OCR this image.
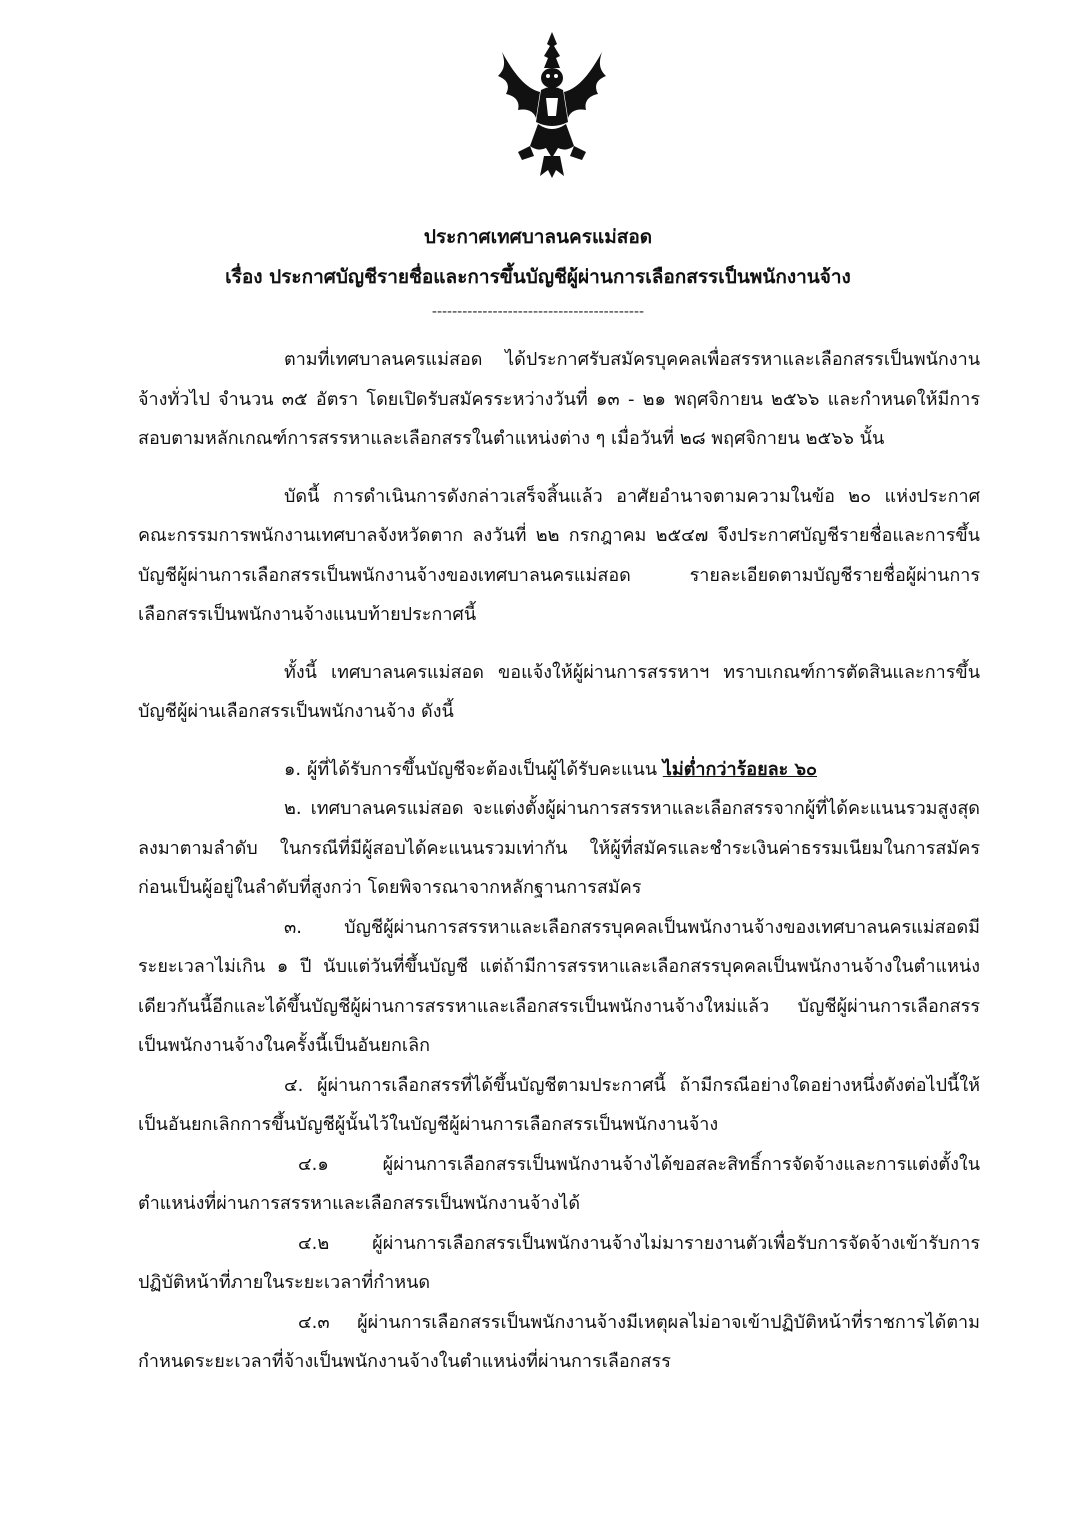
ประกาศเทศบาลนครแม่สอด

เรื่อง ประกาศบัญชีรายชื่อและการขึ้นบัญชีผู้ผ่านการเลือกสรรเป็นพนักงานจ้าง

------------------------------------------

ตามที่เทศบาลนครแม่สอด ได้ประกาศรับสมัครบุคคลเพื่อสรรหาและเลือกสรรเป็นพนักงานจ้างทั่วไป จำนวน ๓๕ อัตรา โดยเปิดรับสมัครระหว่างวันที่ ๑๓ - ๒๑ พฤศจิกายน ๒๕๖๖ และกำหนดให้มีการสอบตามหลักเกณฑ์การสรรหาและเลือกสรรในตำแหน่งต่าง ๆ เมื่อวันที่ ๒๘ พฤศจิกายน ๒๕๖๖ นั้น

บัดนี้ การดำเนินการดังกล่าวเสร็จสิ้นแล้ว อาศัยอำนาจตามความในข้อ ๒๐ แห่งประกาศคณะกรรมการพนักงานเทศบาลจังหวัดตาก ลงวันที่ ๒๒ กรกฎาคม ๒๕๔๗ จึงประกาศบัญชีรายชื่อและการขึ้นบัญชีผู้ผ่านการเลือกสรรเป็นพนักงานจ้างของเทศบาลนครแม่สอด รายละเอียดตามบัญชีรายชื่อผู้ผ่านการเลือกสรรเป็นพนักงานจ้างแนบท้ายประกาศนี้

ทั้งนี้ เทศบาลนครแม่สอด ขอแจ้งให้ผู้ผ่านการสรรหาฯ ทราบเกณฑ์การตัดสินและการขึ้นบัญชีผู้ผ่านเลือกสรรเป็นพนักงานจ้าง ดังนี้

๑. ผู้ที่ได้รับการขึ้นบัญชีจะต้องเป็นผู้ได้รับคะแนน ไม่ต่ำกว่าร้อยละ ๖๐

๒. เทศบาลนครแม่สอด จะแต่งตั้งผู้ผ่านการสรรหาและเลือกสรรจากผู้ที่ได้คะแนนรวมสูงสุดลงมาตามลำดับ ในกรณีที่มีผู้สอบได้คะแนนรวมเท่ากัน ให้ผู้ที่สมัครและชำระเงินค่าธรรมเนียมในการสมัครก่อนเป็นผู้อยู่ในลำดับที่สูงกว่า โดยพิจารณาจากหลักฐานการสมัคร

๓. บัญชีผู้ผ่านการสรรหาและเลือกสรรบุคคลเป็นพนักงานจ้างของเทศบาลนครแม่สอดมีระยะเวลาไม่เกิน ๑ ปี นับแต่วันที่ขึ้นบัญชี แต่ถ้ามีการสรรหาและเลือกสรรบุคคลเป็นพนักงานจ้างในตำแหน่งเดียวกันนี้อีกและได้ขึ้นบัญชีผู้ผ่านการสรรหาและเลือกสรรเป็นพนักงานจ้างใหม่แล้ว บัญชีผู้ผ่านการเลือกสรรเป็นพนักงานจ้างในครั้งนี้เป็นอันยกเลิก

๔. ผู้ผ่านการเลือกสรรที่ได้ขึ้นบัญชีตามประกาศนี้ ถ้ามีกรณีอย่างใดอย่างหนึ่งดังต่อไปนี้ให้เป็นอันยกเลิกการขึ้นบัญชีผู้นั้นไว้ในบัญชีผู้ผ่านการเลือกสรรเป็นพนักงานจ้าง

๔.๑ ผู้ผ่านการเลือกสรรเป็นพนักงานจ้างได้ขอสละสิทธิ์การจัดจ้างและการแต่งตั้งในตำแหน่งที่ผ่านการสรรหาและเลือกสรรเป็นพนักงานจ้างได้

๔.๒ ผู้ผ่านการเลือกสรรเป็นพนักงานจ้างไม่มารายงานตัวเพื่อรับการจัดจ้างเข้ารับการปฏิบัติหน้าที่ภายในระยะเวลาที่กำหนด

๔.๓ ผู้ผ่านการเลือกสรรเป็นพนักงานจ้างมีเหตุผลไม่อาจเข้าปฏิบัติหน้าที่ราชการได้ตามกำหนดระยะเวลาที่จ้างเป็นพนักงานจ้างในตำแหน่งที่ผ่านการเลือกสรร
